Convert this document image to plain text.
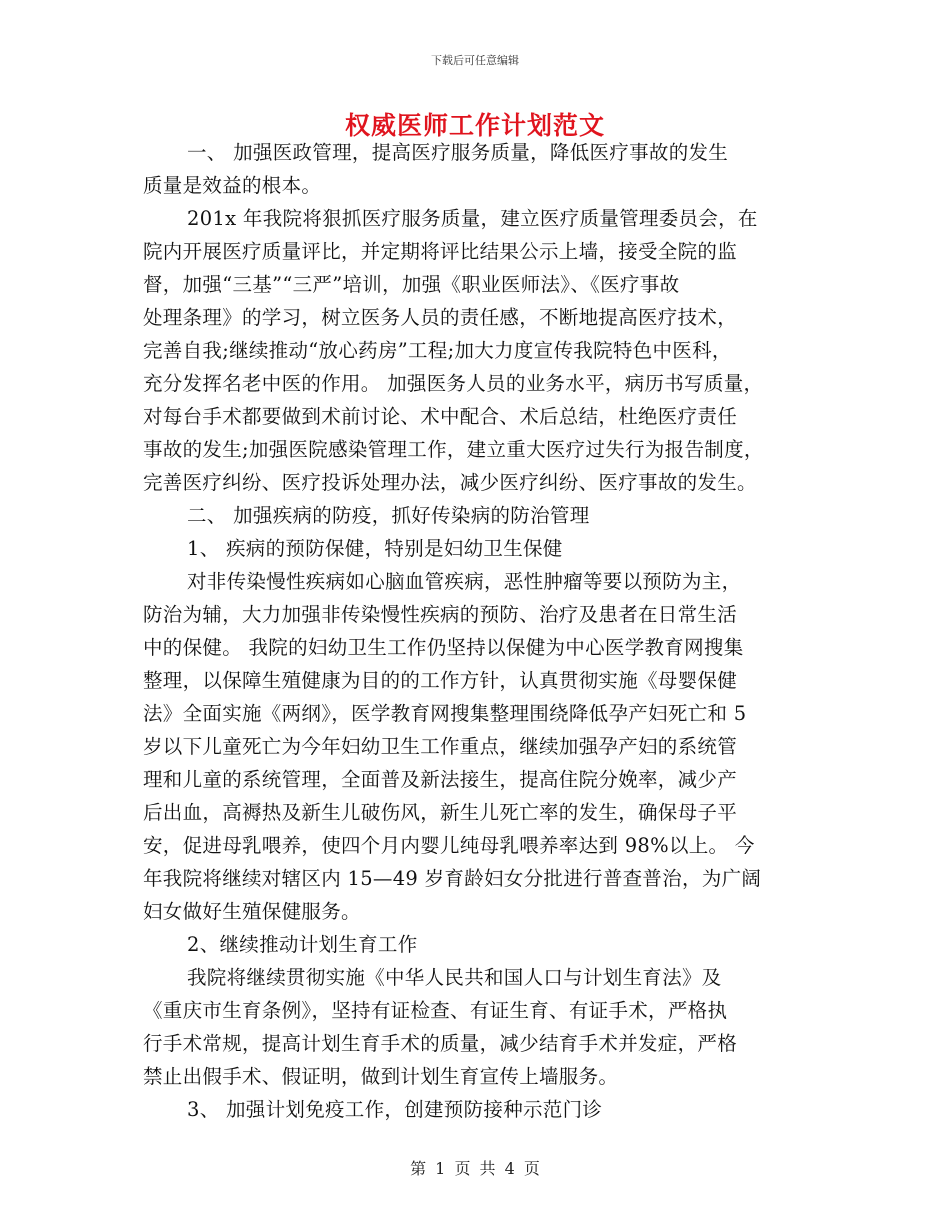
下载后可任意编辑
权威医师工作计划范文
一、 加强医政管理，提高医疗服务质量，降低医疗事故的发生
质量是效益的根本。
201x 年我院将狠抓医疗服务质量，建立医疗质量管理委员会，在
院内开展医疗质量评比，并定期将评比结果公示上墙，接受全院的监
督，加强“三基”“三严”培训，加强《职业医师法》、《医疗事故
处理条理》的学习，树立医务人员的责任感，不断地提高医疗技术，
完善自我;继续推动“放心药房”工程;加大力度宣传我院特色中医科，
充分发挥名老中医的作用。 加强医务人员的业务水平，病历书写质量，
对每台手术都要做到术前讨论、术中配合、术后总结，杜绝医疗责任
事故的发生;加强医院感染管理工作，建立重大医疗过失行为报告制度，
完善医疗纠纷、医疗投诉处理办法，减少医疗纠纷、医疗事故的发生。
二、 加强疾病的防疫，抓好传染病的防治管理
1、 疾病的预防保健，特别是妇幼卫生保健
对非传染慢性疾病如心脑血管疾病，恶性肿瘤等要以预防为主，
防治为辅，大力加强非传染慢性疾病的预防、治疗及患者在日常生活
中的保健。 我院的妇幼卫生工作仍坚持以保健为中心医学教育网搜集
整理，以保障生殖健康为目的的工作方针，认真贯彻实施《母婴保健
法》全面实施《两纲》，医学教育网搜集整理围绕降低孕产妇死亡和 5
岁以下儿童死亡为今年妇幼卫生工作重点，继续加强孕产妇的系统管
理和儿童的系统管理，全面普及新法接生，提高住院分娩率，减少产
后出血，高褥热及新生儿破伤风，新生儿死亡率的发生，确保母子平
安，促进母乳喂养，使四个月内婴儿纯母乳喂养率达到 98%以上。 今
年我院将继续对辖区内 15—49 岁育龄妇女分批进行普查普治，为广阔
妇女做好生殖保健服务。
2、继续推动计划生育工作
我院将继续贯彻实施《中华人民共和国人口与计划生育法》及
《重庆市生育条例》，坚持有证检查、有证生育、有证手术，严格执
行手术常规，提高计划生育手术的质量，减少结育手术并发症，严格
禁止出假手术、假证明，做到计划生育宣传上墙服务。
3、 加强计划免疫工作，创建预防接种示范门诊
第 1 页 共 4 页
